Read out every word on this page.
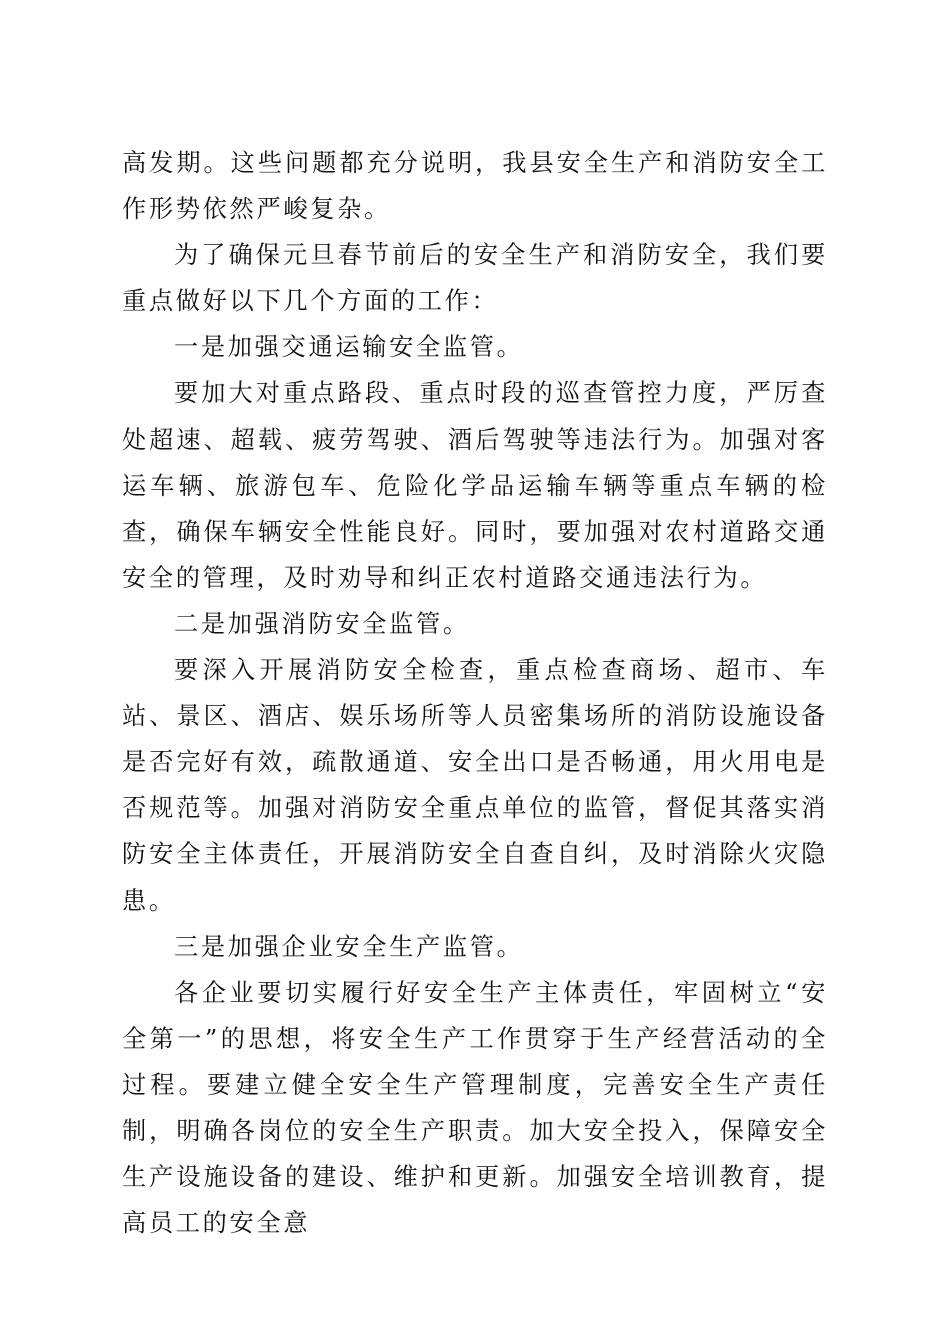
高发期。这些问题都充分说明，我县安全生产和消防安全工作形势依然严峻复杂。

为了确保元旦春节前后的安全生产和消防安全，我们要重点做好以下几个方面的工作：

一是加强交通运输安全监管。

要加大对重点路段、重点时段的巡查管控力度，严厉查处超速、超载、疲劳驾驶、酒后驾驶等违法行为。加强对客运车辆、旅游包车、危险化学品运输车辆等重点车辆的检查，确保车辆安全性能良好。同时，要加强对农村道路交通安全的管理，及时劝导和纠正农村道路交通违法行为。

二是加强消防安全监管。

要深入开展消防安全检查，重点检查商场、超市、车站、景区、酒店、娱乐场所等人员密集场所的消防设施设备是否完好有效，疏散通道、安全出口是否畅通，用火用电是否规范等。加强对消防安全重点单位的监管，督促其落实消防安全主体责任，开展消防安全自查自纠，及时消除火灾隐患。

三是加强企业安全生产监管。

各企业要切实履行好安全生产主体责任，牢固树立“安全第一”的思想，将安全生产工作贯穿于生产经营活动的全过程。要建立健全安全生产管理制度，完善安全生产责任制，明确各岗位的安全生产职责。加大安全投入，保障安全生产设施设备的建设、维护和更新。加强安全培训教育，提高员工的安全意
